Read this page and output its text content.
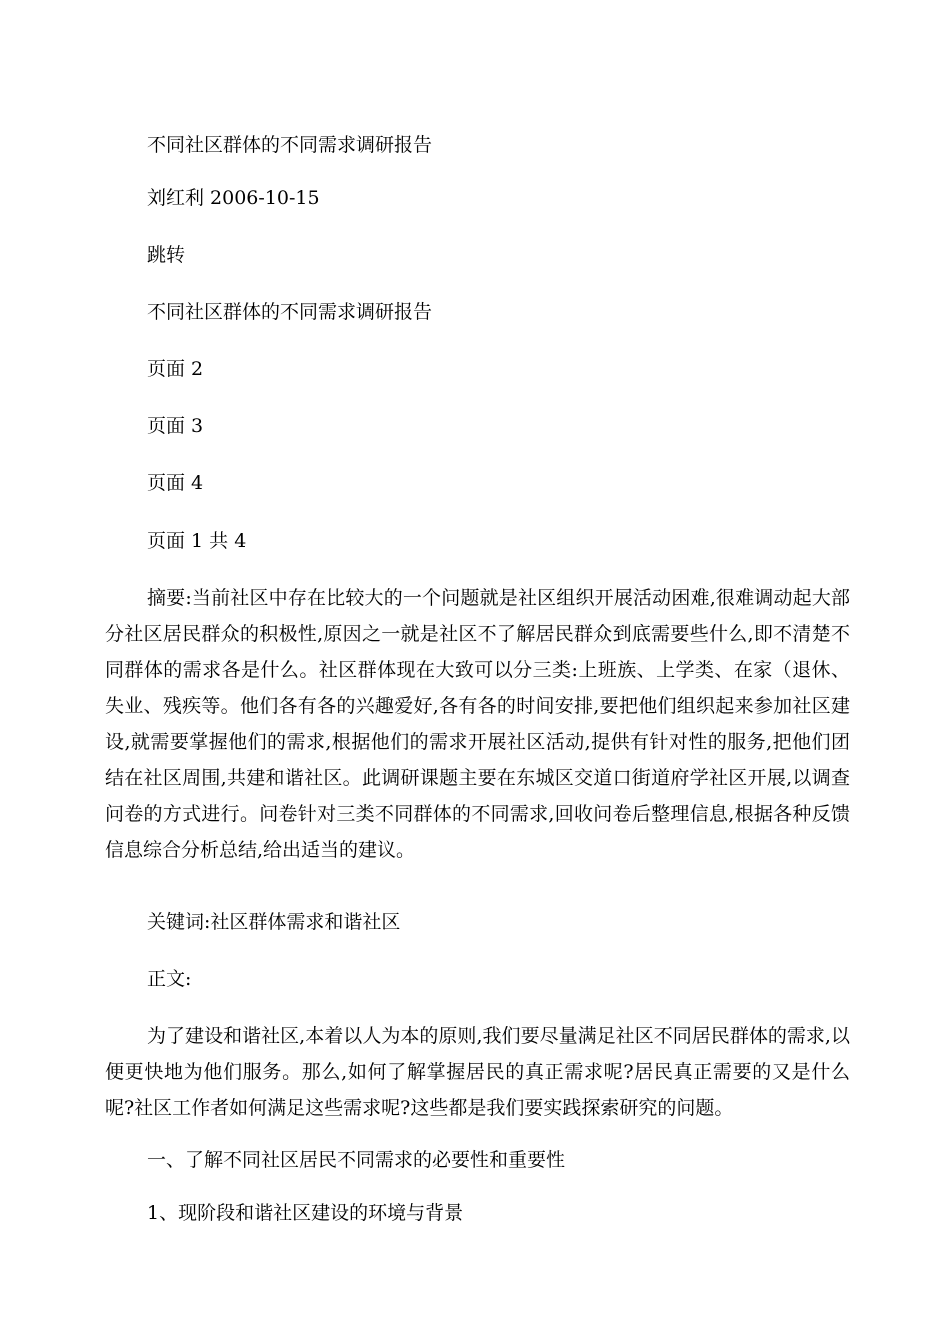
不同社区群体的不同需求调研报告

刘红利 2006-10-15

跳转

不同社区群体的不同需求调研报告

页面 2

页面 3

页面 4

页面 1 共 4

摘要:当前社区中存在比较大的一个问题就是社区组织开展活动困难,很难调动起大部分社区居民群众的积极性,原因之一就是社区不了解居民群众到底需要些什么,即不清楚不同群体的需求各是什么。社区群体现在大致可以分三类:上班族、上学类、在家（退休、失业、残疾等。他们各有各的兴趣爱好,各有各的时间安排,要把他们组织起来参加社区建设,就需要掌握他们的需求,根据他们的需求开展社区活动,提供有针对性的服务,把他们团结在社区周围,共建和谐社区。此调研课题主要在东城区交道口街道府学社区开展,以调查问卷的方式进行。问卷针对三类不同群体的不同需求,回收问卷后整理信息,根据各种反馈信息综合分析总结,给出适当的建议。

关键词:社区群体需求和谐社区

正文:

为了建设和谐社区,本着以人为本的原则,我们要尽量满足社区不同居民群体的需求,以便更快地为他们服务。那么,如何了解掌握居民的真正需求呢?居民真正需要的又是什么呢?社区工作者如何满足这些需求呢?这些都是我们要实践探索研究的问题。

一、了解不同社区居民不同需求的必要性和重要性

1、现阶段和谐社区建设的环境与背景
